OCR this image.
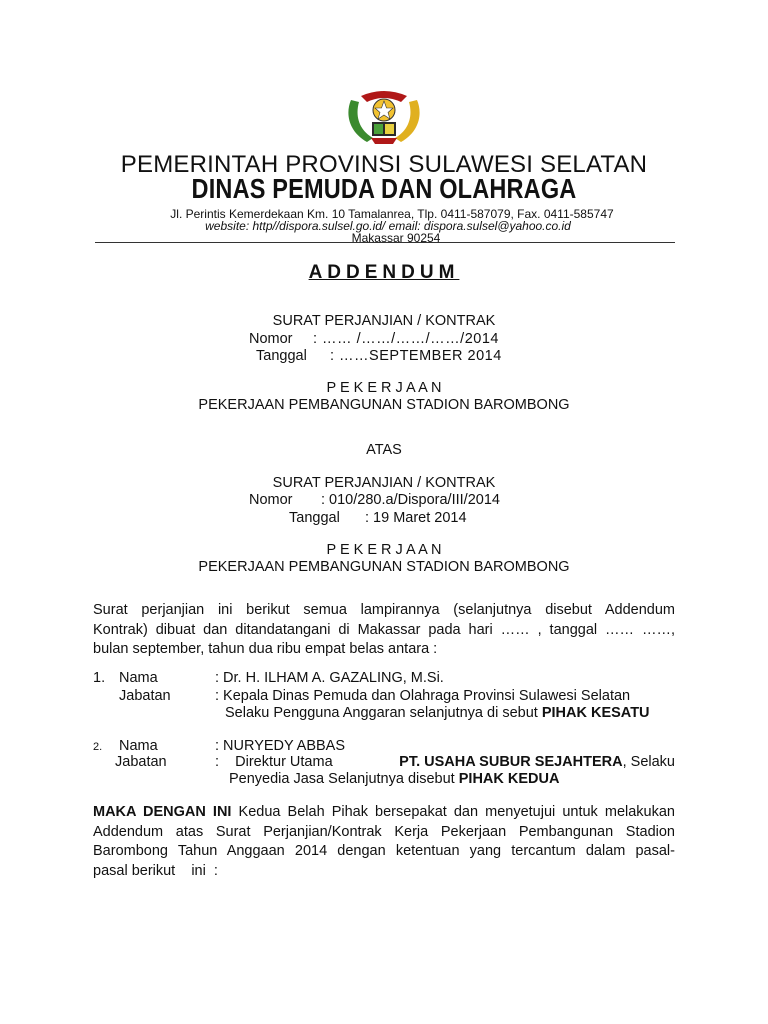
PEMERINTAH PROVINSI SULAWESI SELATAN
DINAS PEMUDA DAN OLAHRAGA
Jl. Perintis Kemerdekaan Km. 10 Tamalanrea, Tlp. 0411-587079, Fax. 0411-585747
website: http//dispora.sulsel.go.id/ email: dispora.sulsel@yahoo.co.id
Makassar 90254
ADDENDUM
SURAT PERJANJIAN / KONTRAK
Nomor : …… /……/……/……/2014
Tanggal : ……SEPTEMBER 2014
P E K E R J A A N
PEKERJAAN PEMBANGUNAN STADION BAROMBONG
ATAS
SURAT PERJANJIAN / KONTRAK
Nomor : 010/280.a/Dispora/III/2014
Tanggal : 19 Maret 2014
P E K E R J A A N
PEKERJAAN PEMBANGUNAN STADION BAROMBONG
Surat perjanjian ini berikut semua lampirannya (selanjutnya disebut Addendum
Kontrak) dibuat dan ditandatangani di Makassar pada hari …… , tanggal …… ……,
bulan september, tahun dua ribu empat belas antara :
1. Nama	: Dr. H. ILHAM A. GAZALING, M.Si.
Jabatan	: Kepala Dinas Pemuda dan Olahraga Provinsi Sulawesi Selatan
Selaku Pengguna Anggaran selanjutnya di sebut PIHAK KESATU
2. Nama	: NURYEDY ABBAS
Jabatan	:    Direktur Utama	PT. USAHA SUBUR SEJAHTERA, Selaku
Penyedia Jasa Selanjutnya disebut PIHAK KEDUA
MAKA DENGAN INI Kedua Belah Pihak bersepakat dan menyetujui untuk melakukan
Addendum atas Surat Perjanjian/Kontrak Kerja Pekerjaan Pembangunan Stadion
Barombong Tahun Anggaan 2014 dengan ketentuan yang tercantum dalam pasal-
pasal berikut    ini  :
